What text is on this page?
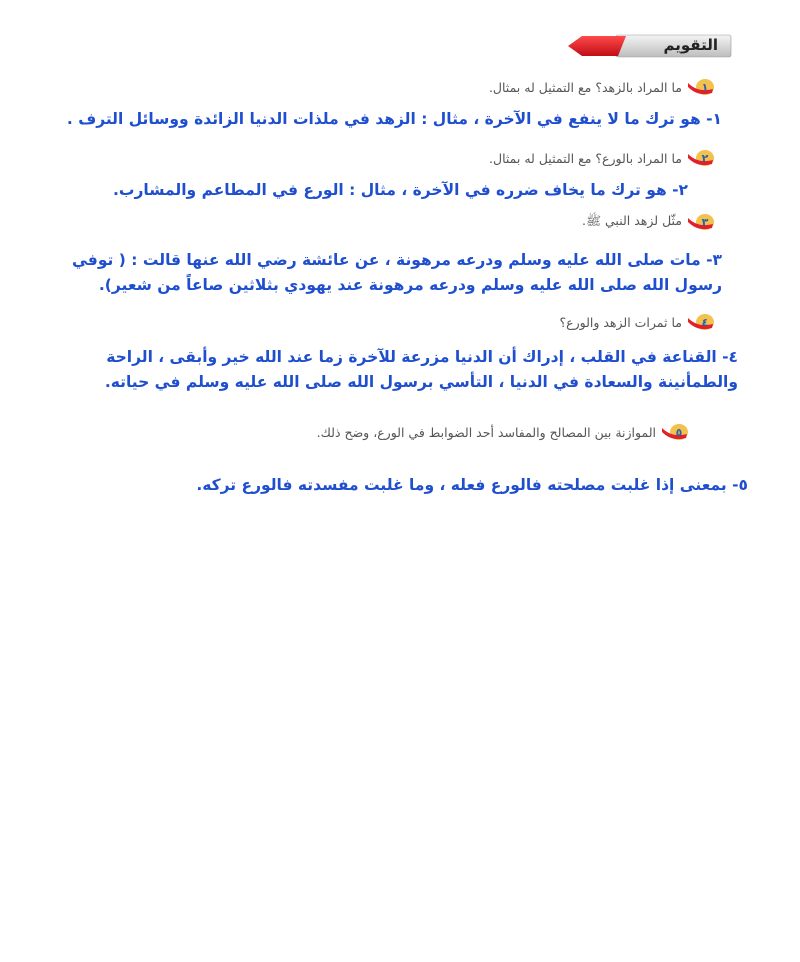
التقويم
١
ما المراد بالزهد؟ مع التمثيل له بمثال.
١- هو ترك ما لا ينفع في الآخرة ، مثال : الزهد في ملذات الدنيا الزائدة ووسائل الترف .
٢
ما المراد بالورع؟ مع التمثيل له بمثال.
٢- هو ترك ما يخاف ضرره في الآخرة ، مثال : الورع في المطاعم والمشارب.
٣
مثّل لزهد النبي ﷺ.
٣- مات صلى الله عليه وسلم ودرعه مرهونة ، عن عائشة رضي الله عنها قالت : ( توفي
رسول الله صلى الله عليه وسلم ودرعه مرهونة عند يهودي بثلاثين صاعاً من شعير).
٤
ما ثمرات الزهد والورع؟
٤- القناعة في القلب ، إدراك أن الدنيا مزرعة للآخرة زما عند الله خير وأبقى ، الراحة
والطمأنينة والسعادة في الدنيا ، التأسي برسول الله صلى الله عليه وسلم في حياته.
٥
الموازنة بين المصالح والمفاسد أحد الضوابط في الورع، وضح ذلك.
٥- بمعنى إذا غلبت مصلحته فالورع فعله ، وما غلبت مفسدته فالورع تركه.
